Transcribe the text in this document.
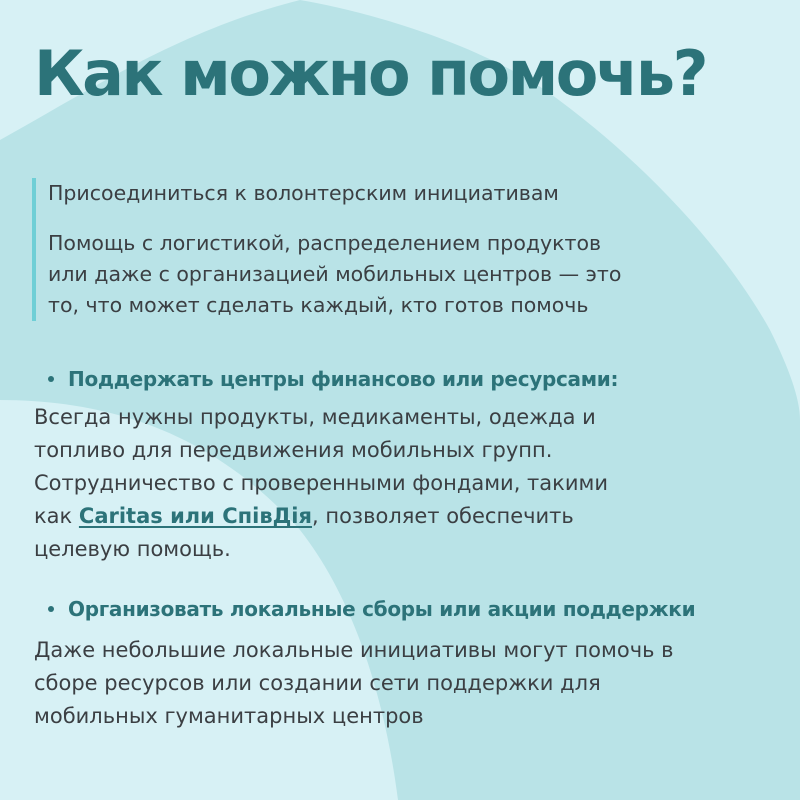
Как можно помочь?

Присоединиться к волонтерским инициативам

Помощь с логистикой, распределением продуктов
или даже с организацией мобильных центров — это
то, что может сделать каждый, кто готов помочь

Поддержать центры финансово или ресурсами:

Всегда нужны продукты, медикаменты, одежда и
топливо для передвижения мобильных групп.
Сотрудничество с проверенными фондами, такими
как Caritas или СпівДія, позволяет обеспечить
целевую помощь.

Организовать локальные сборы или акции поддержки

Даже небольшие локальные инициативы могут помочь в
сборе ресурсов или создании сети поддержки для
мобильных гуманитарных центров
